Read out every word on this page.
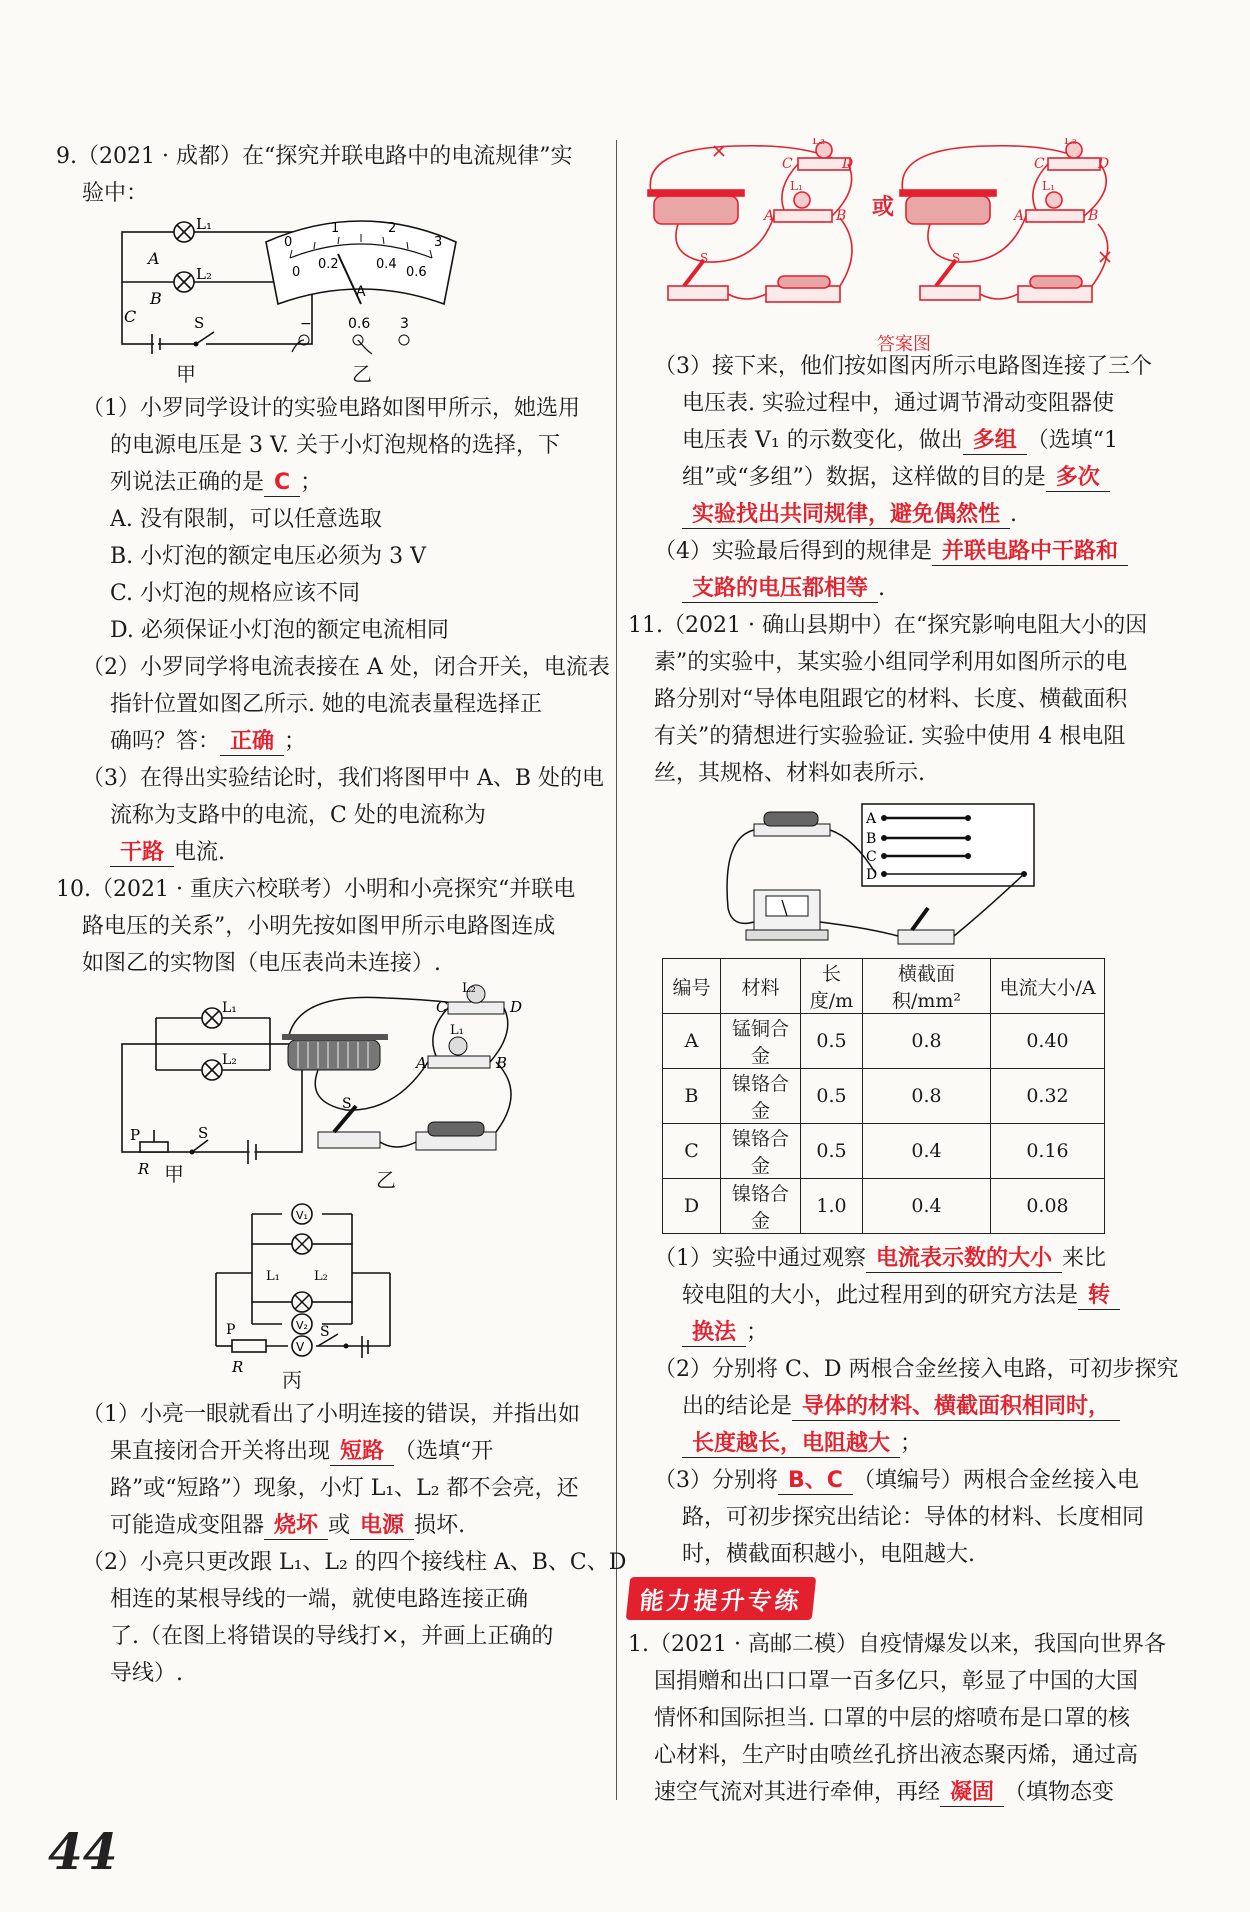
9.（2021 · 成都）在“探究并联电路中的电流规律”实

验中：

L₁
L₂
A
B
C	S
0
1	2
3
0
0.2	0.4
0.6
A
−	0.6 3
甲	乙

（1）小罗同学设计的实验电路如图甲所示，她选用

的电源电压是 3 V. 关于小灯泡规格的选择，下

列说法正确的是 C ；

A. 没有限制，可以任意选取

B. 小灯泡的额定电压必须为 3 V

C. 小灯泡的规格应该不同

D. 必须保证小灯泡的额定电流相同

（2）小罗同学将电流表接在 A 处，闭合开关，电流表

指针位置如图乙所示. 她的电流表量程选择正

确吗？答： 正确 ；

（3）在得出实验结论时，我们将图甲中 A、B 处的电

流称为支路中的电流，C 处的电流称为

干路 电流.

10.（2021 · 重庆六校联考）小明和小亮探究“并联电

路电压的关系”，小明先按如图甲所示电路图连成

如图乙的实物图（电压表尚未连接）.

L₁
L₂
P
R
S
L₂
C	D
L₁
A	B
S
甲	乙
V₁
V₂
V
L₁	L₂
P
R
S
丙

（1）小亮一眼就看出了小明连接的错误，并指出如

果直接闭合开关将出现 短路 （选填“开

路”或“短路”）现象，小灯 L₁、L₂ 都不会亮，还

可能造成变阻器 烧坏 或 电源 损坏.

（2）小亮只更改跟 L₁、L₂ 的四个接线柱 A、B、C、D

相连的某根导线的一端，就使电路连接正确

了.（在图上将错误的导线打×，并画上正确的

导线）.

C	D
A	B
C	D
A	B
L₂
L₁
L₂
L₁
S	S
或
答案图

（3）接下来，他们按如图丙所示电路图连接了三个

电压表. 实验过程中，通过调节滑动变阻器使

电压表 V₁ 的示数变化，做出 多组 （选填“1

组”或“多组”）数据，这样做的目的是 多次

实验找出共同规律，避免偶然性 .

（4）实验最后得到的规律是 并联电路中干路和

支路的电压都相等 .

11.（2021 · 确山县期中）在“探究影响电阻大小的因

素”的实验中，某实验小组同学利用如图所示的电

路分别对“导体电阻跟它的材料、长度、横截面积

有关”的猜想进行实验验证. 实验中使用 4 根电阻

丝，其规格、材料如表所示.

A
B
C
D
编号	材料	长度/m	横截面积/mm²	电流大小/A
A	锰铜合金	0.5	0.8	0.40
B	镍铬合金	0.5	0.8	0.32
C	镍铬合金	0.5	0.4	0.16
D	镍铬合金	1.0	0.4	0.08

（1）实验中通过观察 电流表示数的大小 来比

较电阻的大小，此过程用到的研究方法是 转

换法 ；

（2）分别将 C、D 两根合金丝接入电路，可初步探究

出的结论是 导体的材料、横截面积相同时，

长度越长，电阻越大 ；

（3）分别将 B、C （填编号）两根合金丝接入电

路，可初步探究出结论：导体的材料、长度相同

时，横截面积越小，电阻越大.

能力提升专练

1.（2021 · 高邮二模）自疫情爆发以来，我国向世界各

国捐赠和出口口罩一百多亿只，彰显了中国的大国

情怀和国际担当. 口罩的中层的熔喷布是口罩的核

心材料，生产时由喷丝孔挤出液态聚丙烯，通过高

速空气流对其进行牵伸，再经 凝固 （填物态变

44
